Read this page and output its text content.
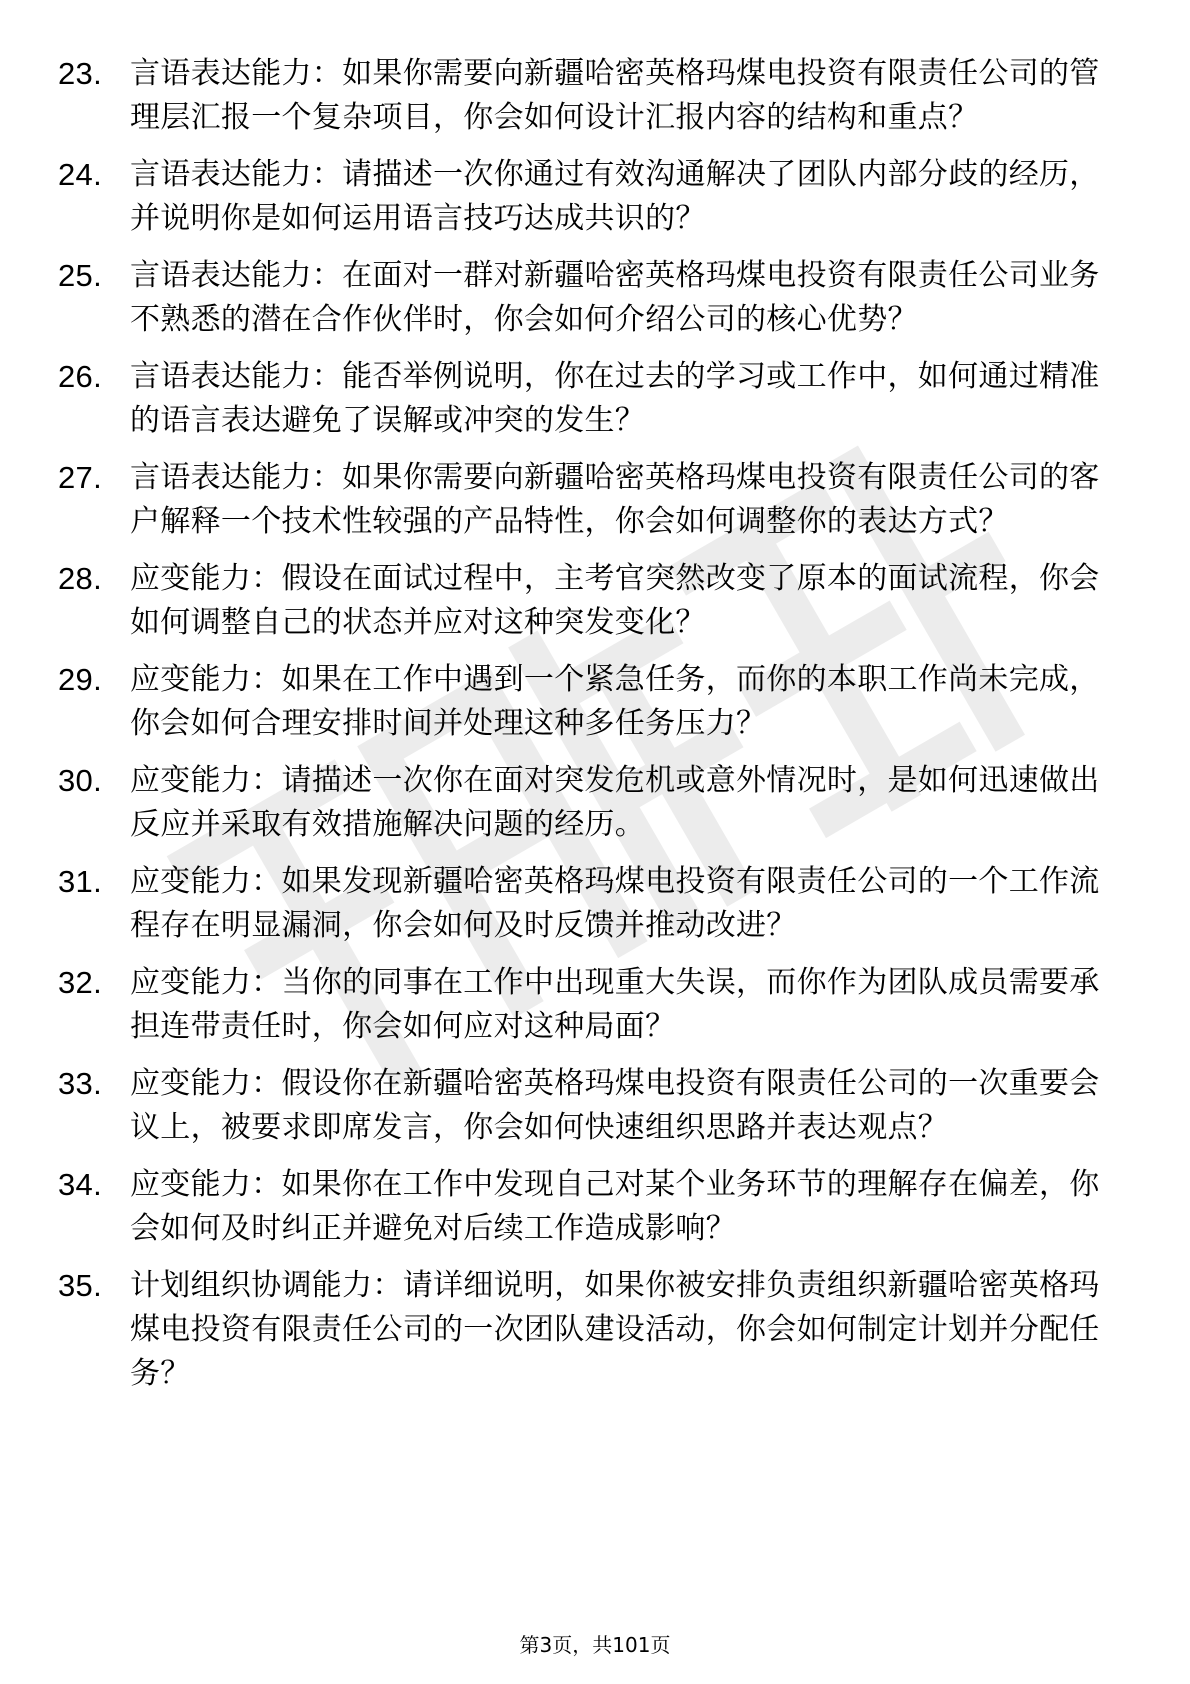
23. 言语表达能力：如果你需要向新疆哈密英格玛煤电投资有限责任公司的管理层汇报一个复杂项目，你会如何设计汇报内容的结构和重点？
24. 言语表达能力：请描述一次你通过有效沟通解决了团队内部分歧的经历，并说明你是如何运用语言技巧达成共识的？
25. 言语表达能力：在面对一群对新疆哈密英格玛煤电投资有限责任公司业务不熟悉的潜在合作伙伴时，你会如何介绍公司的核心优势？
26. 言语表达能力：能否举例说明，你在过去的学习或工作中，如何通过精准的语言表达避免了误解或冲突的发生？
27. 言语表达能力：如果你需要向新疆哈密英格玛煤电投资有限责任公司的客户解释一个技术性较强的产品特性，你会如何调整你的表达方式？
28. 应变能力：假设在面试过程中，主考官突然改变了原本的面试流程，你会如何调整自己的状态并应对这种突发变化？
29. 应变能力：如果在工作中遇到一个紧急任务，而你的本职工作尚未完成，你会如何合理安排时间并处理这种多任务压力？
30. 应变能力：请描述一次你在面对突发危机或意外情况时，是如何迅速做出反应并采取有效措施解决问题的经历。
31. 应变能力：如果发现新疆哈密英格玛煤电投资有限责任公司的一个工作流程存在明显漏洞，你会如何及时反馈并推动改进？
32. 应变能力：当你的同事在工作中出现重大失误，而你作为团队成员需要承担连带责任时，你会如何应对这种局面？
33. 应变能力：假设你在新疆哈密英格玛煤电投资有限责任公司的一次重要会议上，被要求即席发言，你会如何快速组织思路并表达观点？
34. 应变能力：如果你在工作中发现自己对某个业务环节的理解存在偏差，你会如何及时纠正并避免对后续工作造成影响？
35. 计划组织协调能力：请详细说明，如果你被安排负责组织新疆哈密英格玛煤电投资有限责任公司的一次团队建设活动，你会如何制定计划并分配任务？
第3页，共101页
